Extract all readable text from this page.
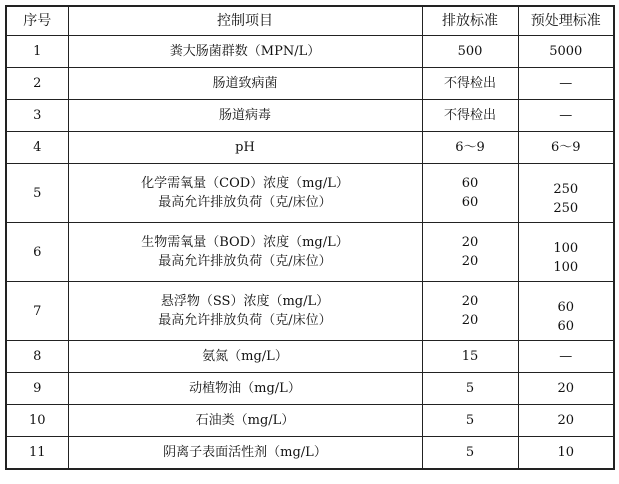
序号	控制项目	排放标准	预处理标准
1	粪大肠菌群数（MPN/L）	500	5000

2	肠道致病菌	不得检出	—

3	肠道病毒	不得检出	—

4	pH	6～9	6～9

5	化学需氧量（COD）浓度（mg/L）
最高允许排放负荷（克/床位）	60
60	250
250

6	生物需氧量（BOD）浓度（mg/L）
最高允许排放负荷（克/床位）	20
20	100
100

7	悬浮物（SS）浓度（mg/L）
最高允许排放负荷（克/床位）	20
20	60
60

8	氨氮（mg/L）	15	—

9	动植物油（mg/L）	5	20

10	石油类（mg/L）	5	20

11	阴离子表面活性剂（mg/L）	5	10
